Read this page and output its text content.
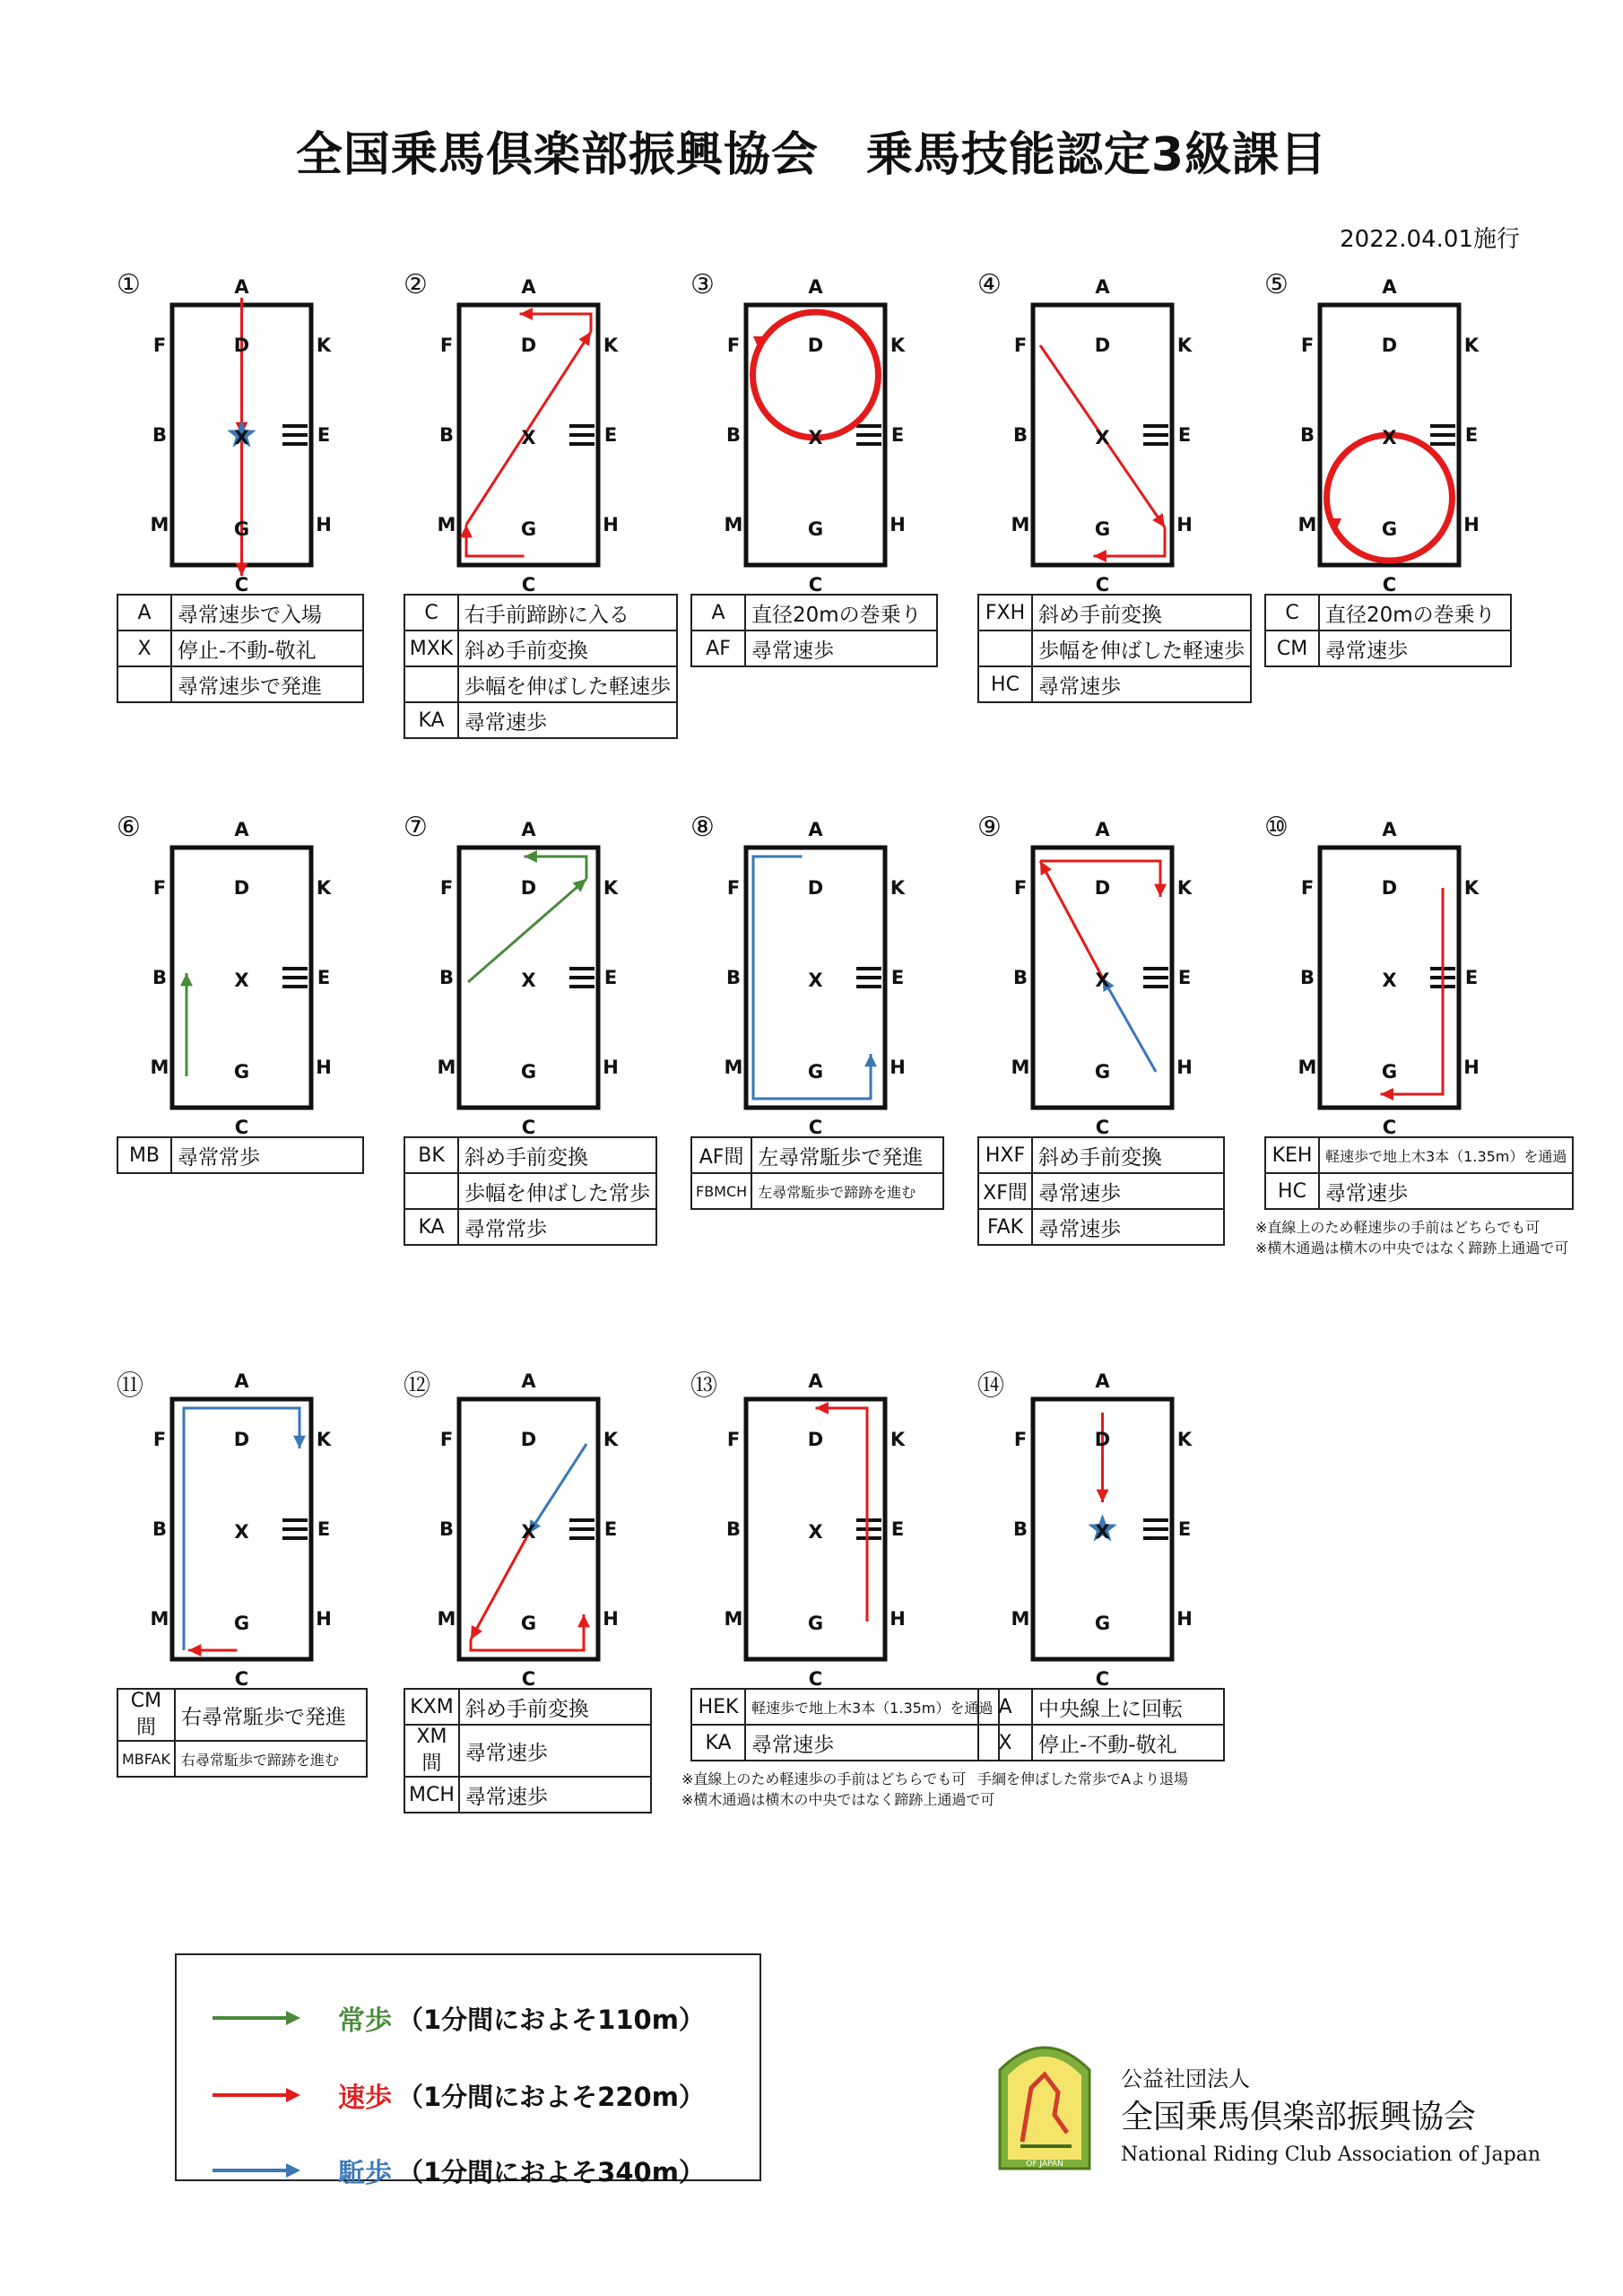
全国乗馬倶楽部振興協会　乗馬技能認定3級課目
2022.04.01施行
①	A
C
F
B
M
K
E
H
D
X
G
A	尋常速歩で入場
X	停止‐不動‐敬礼
	尋常速歩で発進
②	A
C
F
B
M
K
E
H
D
X
G
C	右手前蹄跡に入る
MXK	斜め手前変換
	歩幅を伸ばした軽速歩
KA	尋常速歩
③	A
C
F
B
M
K
E
H
D
X
G
A	直径20mの巻乗り
AF	尋常速歩
④	A
C
F
B
M
K
E
H
D
X
G
FXH	斜め手前変換
	歩幅を伸ばした軽速歩
HC	尋常速歩
⑤	A
C
F
B
M
K
E
H
D
X
G
C	直径20mの巻乗り
CM	尋常速歩
⑥	A
C
F
B
M
K
E
H
D
X
G
MB	尋常常歩
⑦	A
C
F
B
M
K
E
H
D
X
G
BK	斜め手前変換
	歩幅を伸ばした常歩
KA	尋常常歩
⑧	A
C
F
B
M
K
E
H
D
X
G
AF間	左尋常駈歩で発進
FBMCH	左尋常駈歩で蹄跡を進む
⑨	A
C
F
B
M
K
E
H
D
X
G
HXF	斜め手前変換
XF間	尋常速歩
FAK	尋常速歩
⑩	A
C
F
B
M
K
E
H
D
X
G
KEH	軽速歩で地上木3本（1.35m）を通過
HC	尋常速歩
※直線上のため軽速歩の手前はどちらでも可
※横木通過は横木の中央ではなく蹄跡上通過で可
⑪	A
C
F
B
M
K
E
H
D
X
G
CM間	右尋常駈歩で発進
MBFAK	右尋常駈歩で蹄跡を進む
⑫	A
C
F
B
M
K
E
H
D
X
G
KXM	斜め手前変換
XM間	尋常速歩
MCH	尋常速歩
⑬	A
C
F
B
M
K
E
H
D
X
G
HEK	軽速歩で地上木3本（1.35m）を通過
KA	尋常速歩
※直線上のため軽速歩の手前はどちらでも可
※横木通過は横木の中央ではなく蹄跡上通過で可
⑭	A
C
F
B
M
K
E
H
D
X
G
A	中央線上に回転
X	停止‐不動‐敬礼
手綱を伸ばした常歩でAより退場
常歩 （1分間におよそ110m）
速歩 （1分間におよそ220m）
駈歩 （1分間におよそ340m）	OF JAPAN
公益社団法人
全国乗馬倶楽部振興協会
National Riding Club Association of Japan
